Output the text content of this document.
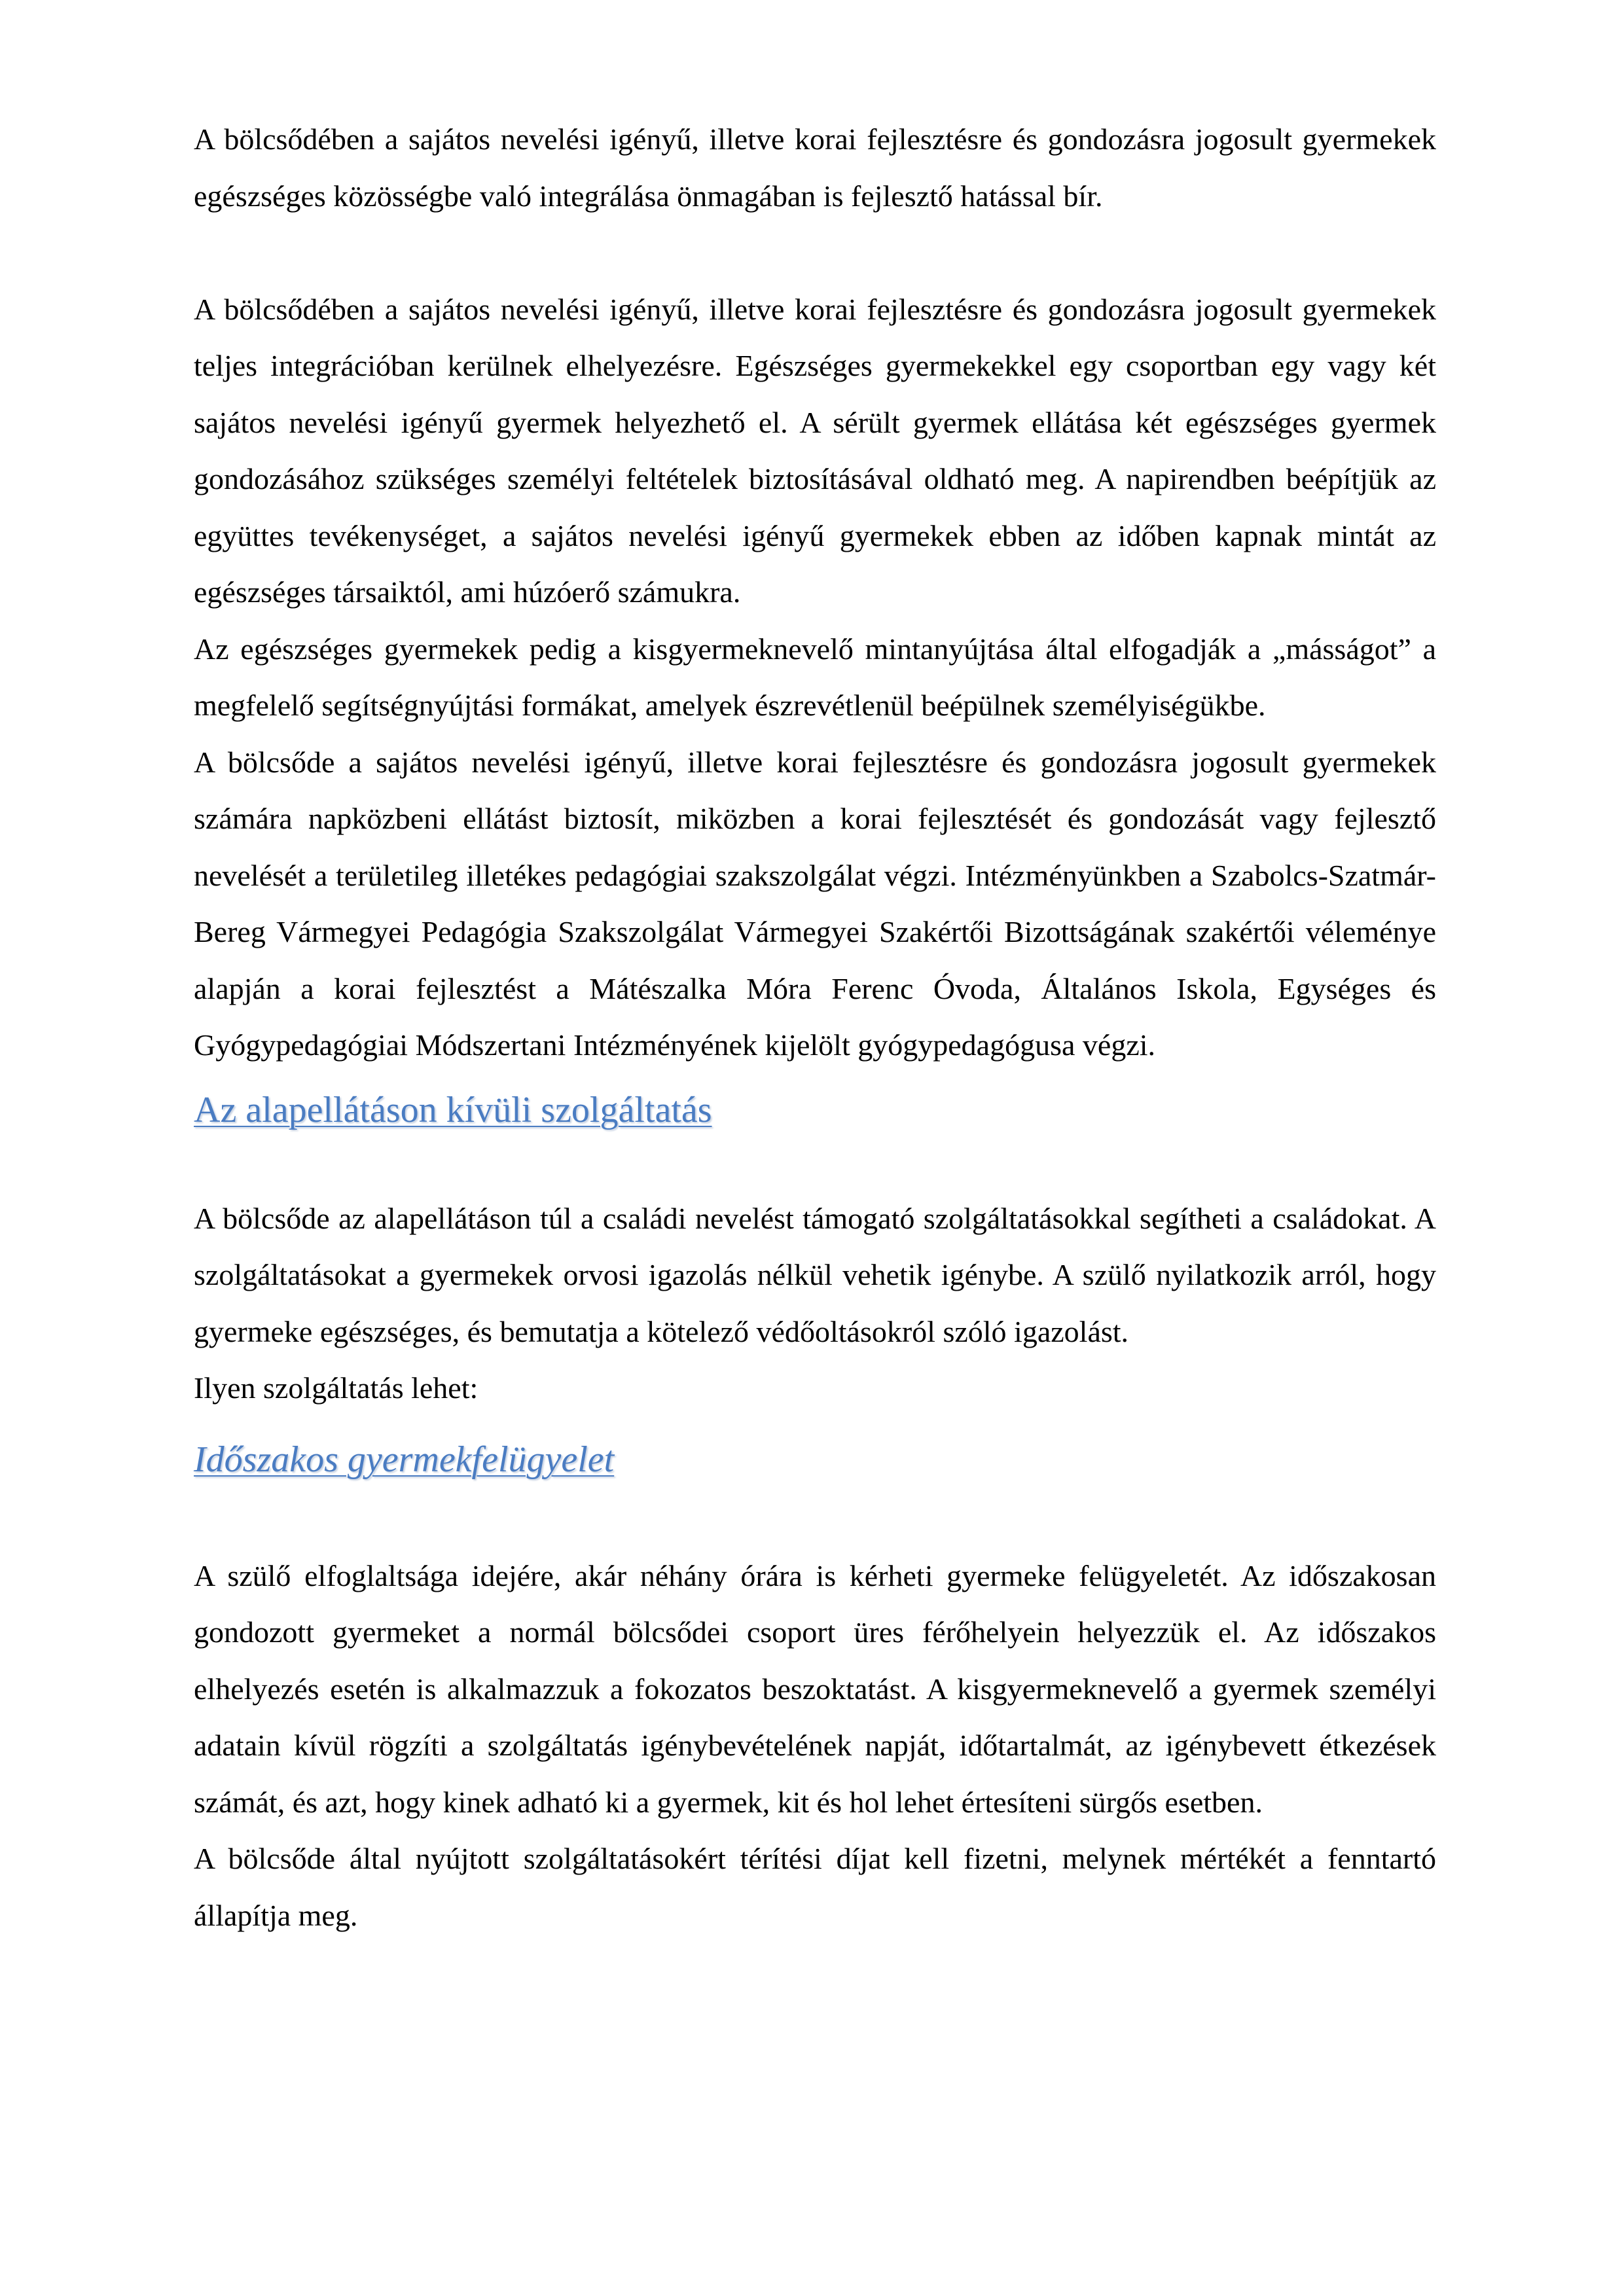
A bölcsődében a sajátos nevelési igényű, illetve korai fejlesztésre és gondozásra jogosult gyermekek egészséges közösségbe való integrálása önmagában is fejlesztő hatással bír.

A bölcsődében a sajátos nevelési igényű, illetve korai fejlesztésre és gondozásra jogosult gyermekek teljes integrációban kerülnek elhelyezésre. Egészséges gyermekekkel egy csoportban egy vagy két sajátos nevelési igényű gyermek helyezhető el. A sérült gyermek ellátása két egészséges gyermek gondozásához szükséges személyi feltételek biztosításával oldható meg. A napirendben beépítjük az együttes tevékenységet, a sajátos nevelési igényű gyermekek ebben az időben kapnak mintát az egészséges társaiktól, ami húzóerő számukra.

Az egészséges gyermekek pedig a kisgyermeknevelő mintanyújtása által elfogadják a „másságot” a megfelelő segítségnyújtási formákat, amelyek észrevétlenül beépülnek személyiségükbe.

A bölcsőde a sajátos nevelési igényű, illetve korai fejlesztésre és gondozásra jogosult gyermekek számára napközbeni ellátást biztosít, miközben a korai fejlesztését és gondozását vagy fejlesztő nevelését a területileg illetékes pedagógiai szakszolgálat végzi. Intézményünkben a Szabolcs-Szatmár-Bereg Vármegyei Pedagógia Szakszolgálat Vármegyei Szakértői Bizottságának szakértői véleménye alapján a korai fejlesztést a Mátészalka Móra Ferenc Óvoda, Általános Iskola, Egységes és Gyógypedagógiai Módszertani Intézményének kijelölt gyógypedagógusa végzi.

Az alapellátáson kívüli szolgáltatás

A bölcsőde az alapellátáson túl a családi nevelést támogató szolgáltatásokkal segítheti a családokat. A szolgáltatásokat a gyermekek orvosi igazolás nélkül vehetik igénybe. A szülő nyilatkozik arról, hogy gyermeke egészséges, és bemutatja a kötelező védőoltásokról szóló igazolást.

Ilyen szolgáltatás lehet:

Időszakos gyermekfelügyelet

A szülő elfoglaltsága idejére, akár néhány órára is kérheti gyermeke felügyeletét. Az időszakosan gondozott gyermeket a normál bölcsődei csoport üres férőhelyein helyezzük el. Az időszakos elhelyezés esetén is alkalmazzuk a fokozatos beszoktatást. A kisgyermeknevelő a gyermek személyi adatain kívül rögzíti a szolgáltatás igénybevételének napját, időtartalmát, az igénybevett étkezések számát, és azt, hogy kinek adható ki a gyermek, kit és hol lehet értesíteni sürgős esetben.

A bölcsőde által nyújtott szolgáltatásokért térítési díjat kell fizetni, melynek mértékét a fenntartó állapítja meg.
